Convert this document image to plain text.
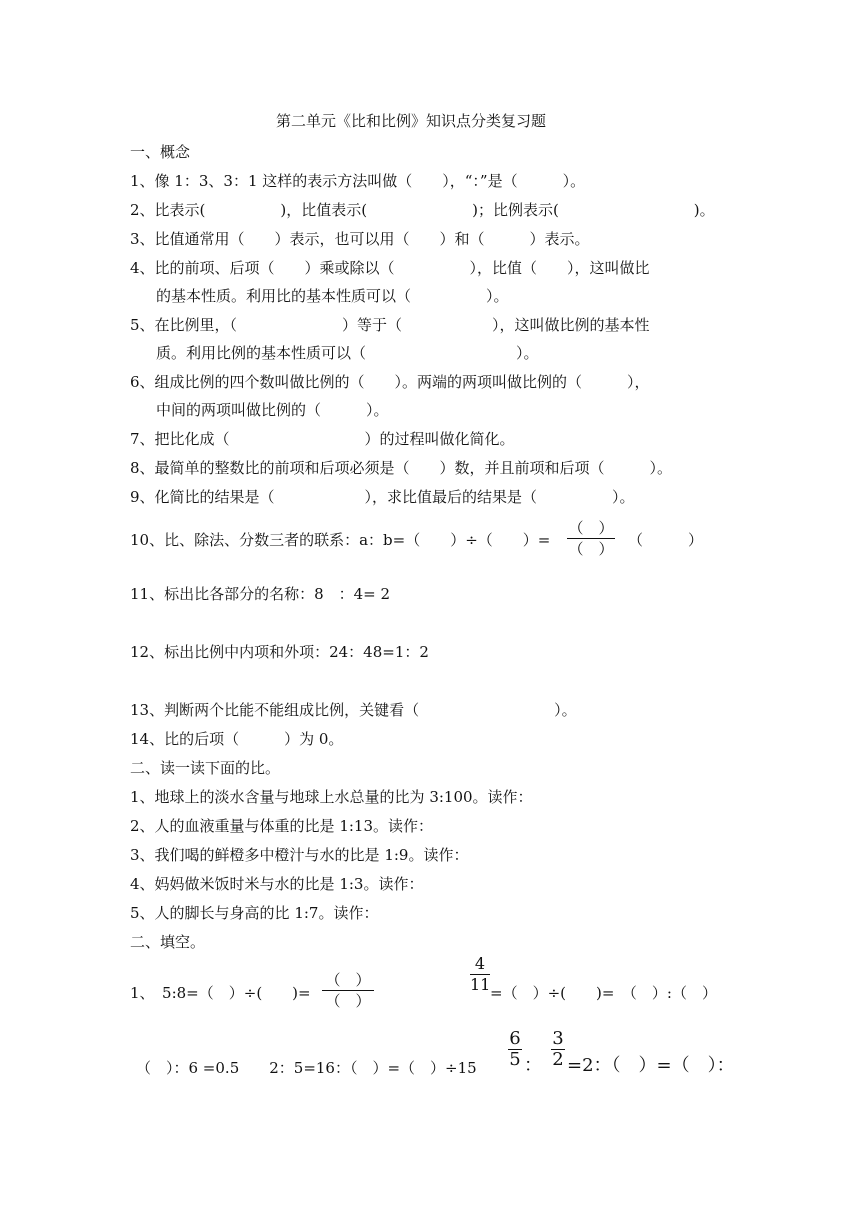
第二单元《比和比例》知识点分类复习题
一、概念
1、像 1：3、3：1 这样的表示方法叫做（　　），“：”是（　　　）。
2、比表示(　　　　　)，比值表示(　　　　　　　)；比例表示(　　　　　　　　　)。
3、比值通常用（　　）表示，也可以用（　　）和（　　　）表示。
4、比的前项、后项（　　）乘或除以（　　　　　），比值（　　），这叫做比
的基本性质。利用比的基本性质可以（　　　　　）。
5、在比例里，（　　　　　　　）等于（　　　　　　），这叫做比例的基本性
质。利用比例的基本性质可以（　　　　　　　　　　）。
6、组成比例的四个数叫做比例的（　　）。两端的两项叫做比例的（　　　），
中间的两项叫做比例的（　　　）。
7、把比化成（　　　　　　　　　）的过程叫做化简化。
8、最简单的整数比的前项和后项必须是（　　）数，并且前项和后项（　　　）。
9、化简比的结果是（　　　　　　），求比值最后的结果是（　　　　　）。
10、比、除法、分数三者的联系：a：b=（　　）÷（　　）=
（　）
（　） （　　　）
11、标出比各部分的名称：8　：4= 2
12、标出比例中内项和外项：24：48=1：2
13、判断两个比能不能组成比例，关键看（　　　　　　　　　）。
14、比的后项（　　　）为 0。
二、读一读下面的比。
1、地球上的淡水含量与地球上水总量的比为 3:100。读作：
2、人的血液重量与体重的比是 1:13。读作：
3、我们喝的鲜橙多中橙汁与水的比是 1:9。读作：
4、妈妈做米饭时米与水的比是 1:3。读作：
5、人的脚长与身高的比 1:7。读作：
二、填空。
1、　5:8=（　）÷(　　)=
（　）
（　）
4
11 =（　）÷(　　)=　（　）:（　）
（　）：6 =0.5　　2：5=16：（　）=（　）÷15
6
5 ：
3
2 =2：（　）=（　）：
